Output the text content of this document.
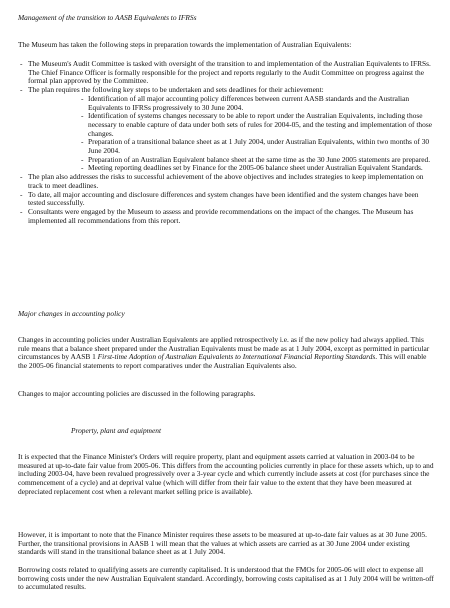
Management of the transition to AASB Equivalents to IFRSs

The Museum has taken the following steps in preparation towards the implementation of Australian Equivalents:

- The Museum's Audit Committee is tasked with oversight of the transition to and implementation of the Australian Equivalents to IFRSs. The Chief Finance Officer is formally responsible for the project and reports regularly to the Audit Committee on progress against the formal plan approved by the Committee.
- The plan requires the following key steps to be undertaken and sets deadlines for their achievement:
- Identification of all major accounting policy differences between current AASB standards and the Australian Equivalents to IFRSs progressively to 30 June 2004.
- Identification of systems changes necessary to be able to report under the Australian Equivalents, including those necessary to enable capture of data under both sets of rules for 2004-05, and the testing and implementation of those changes.
- Preparation of a transitional balance sheet as at 1 July 2004, under Australian Equivalents, within two months of 30 June 2004.
- Preparation of an Australian Equivalent balance sheet at the same time as the 30 June 2005 statements are prepared.
- Meeting reporting deadlines set by Finance for the 2005-06 balance sheet under Australian Equivalent Standards.
- The plan also addresses the risks to successful achievement of the above objectives and includes strategies to keep implementation on track to meet deadlines.
- To date, all major accounting and disclosure differences and system changes have been identified and the system changes have been tested successfully.
- Consultants were engaged by the Museum to assess and provide recommendations on the impact of the changes. The Museum has implemented all recommendations from this report.

Major changes in accounting policy

Changes in accounting policies under Australian Equivalents are applied retrospectively i.e. as if the new policy had always applied. This rule means that a balance sheet prepared under the Australian Equivalents must be made as at 1 July 2004, except as permitted in particular circumstances by AASB 1 First-time Adoption of Australian Equivalents to International Financial Reporting Standards. This will enable the 2005-06 financial statements to report comparatives under the Australian Equivalents also.

Changes to major accounting policies are discussed in the following paragraphs.

Property, plant and equipment

It is expected that the Finance Minister's Orders will require property, plant and equipment assets carried at valuation in 2003-04 to be measured at up-to-date fair value from 2005-06. This differs from the accounting policies currently in place for these assets which, up to and including 2003-04, have been revalued progressively over a 3-year cycle and which currently include assets at cost (for purchases since the commencement of a cycle) and at deprival value (which will differ from their fair value to the extent that they have been measured at depreciated replacement cost when a relevant market selling price is available).

However, it is important to note that the Finance Minister requires these assets to be measured at up-to-date fair values as at 30 June 2005. Further, the transitional provisions in AASB 1 will mean that the values at which assets are carried as at 30 June 2004 under existing standards will stand in the transitional balance sheet as at 1 July 2004.

Borrowing costs related to qualifying assets are currently capitalised. It is understood that the FMOs for 2005-06 will elect to expense all borrowing costs under the new Australian Equivalent standard. Accordingly, borrowing costs capitalised as at 1 July 2004 will be written-off to accumulated results.
